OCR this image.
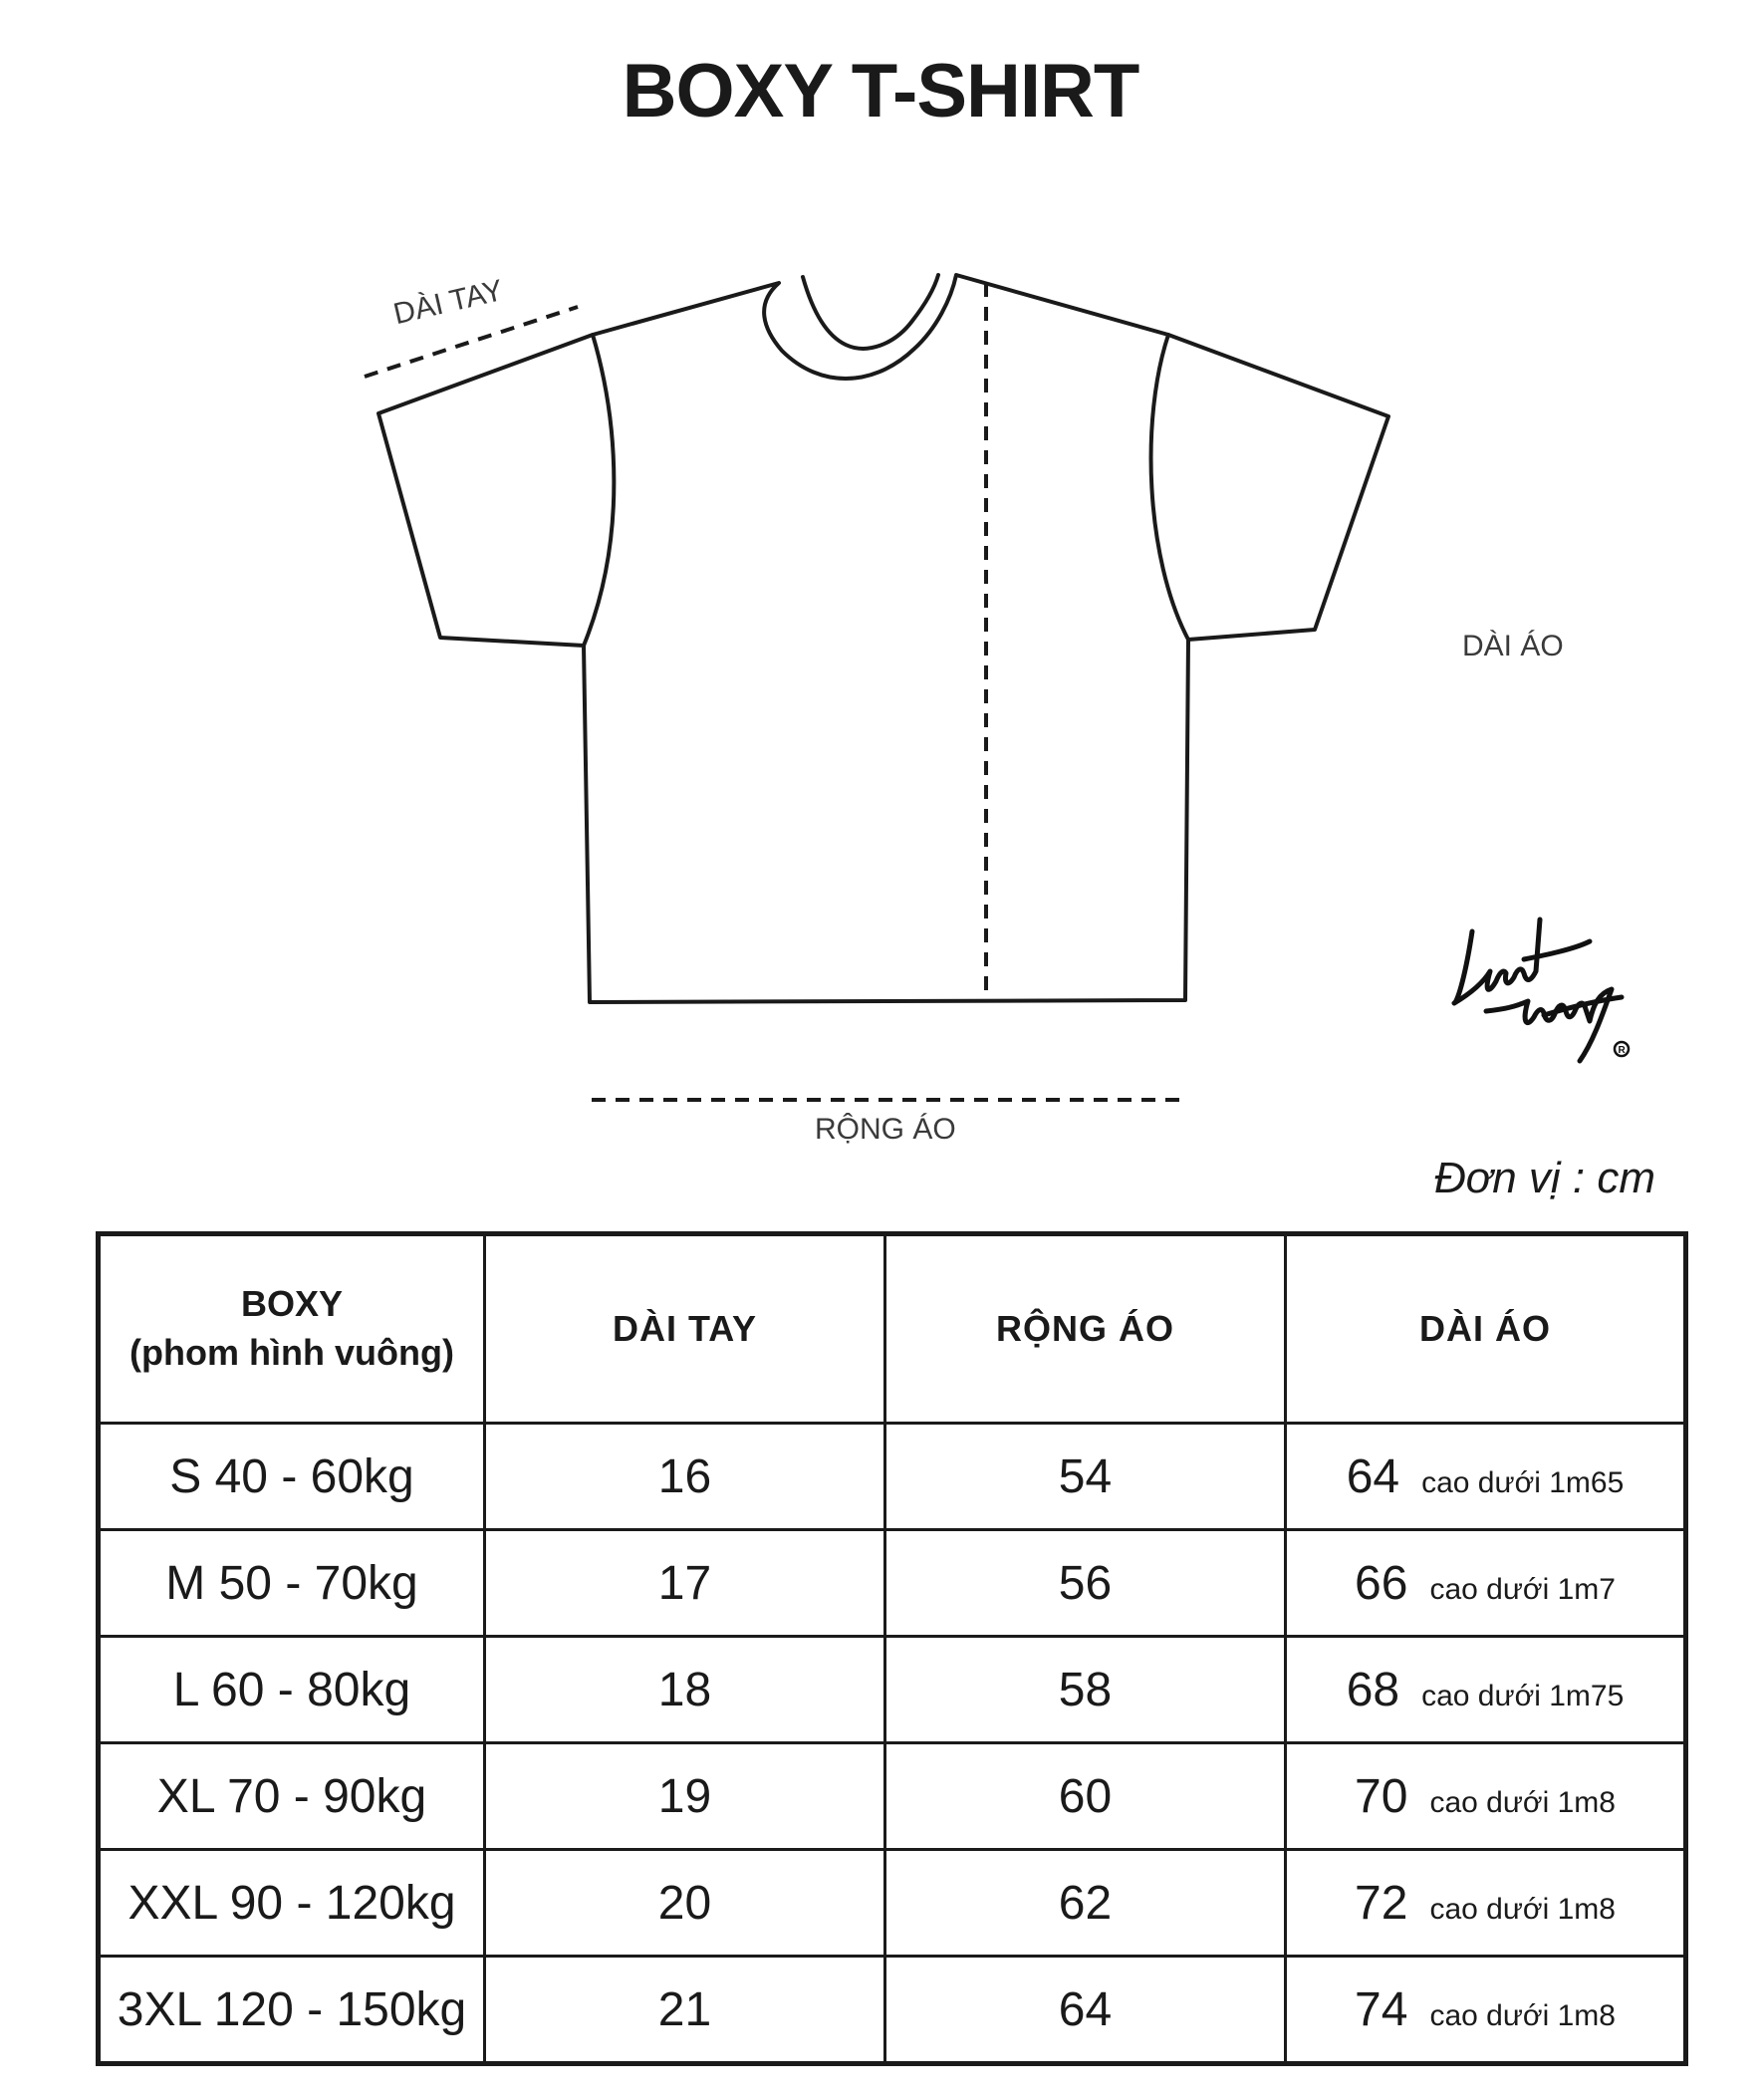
BOXY T-SHIRT
DÀI TAY
DÀI ÁO
RỘNG ÁO
R
Đơn vị : cm
BOXY
(phom hình vuông)	DÀI TAY	RỘNG ÁO	DÀI ÁO
S 40 - 60kg	16	54	64 cao dưới 1m65
M 50 - 70kg	17	56	66 cao dưới 1m7
L 60 - 80kg	18	58	68 cao dưới 1m75
XL 70 - 90kg	19	60	70 cao dưới 1m8
XXL 90 - 120kg	20	62	72 cao dưới 1m8
3XL 120 - 150kg	21	64	74 cao dưới 1m8
